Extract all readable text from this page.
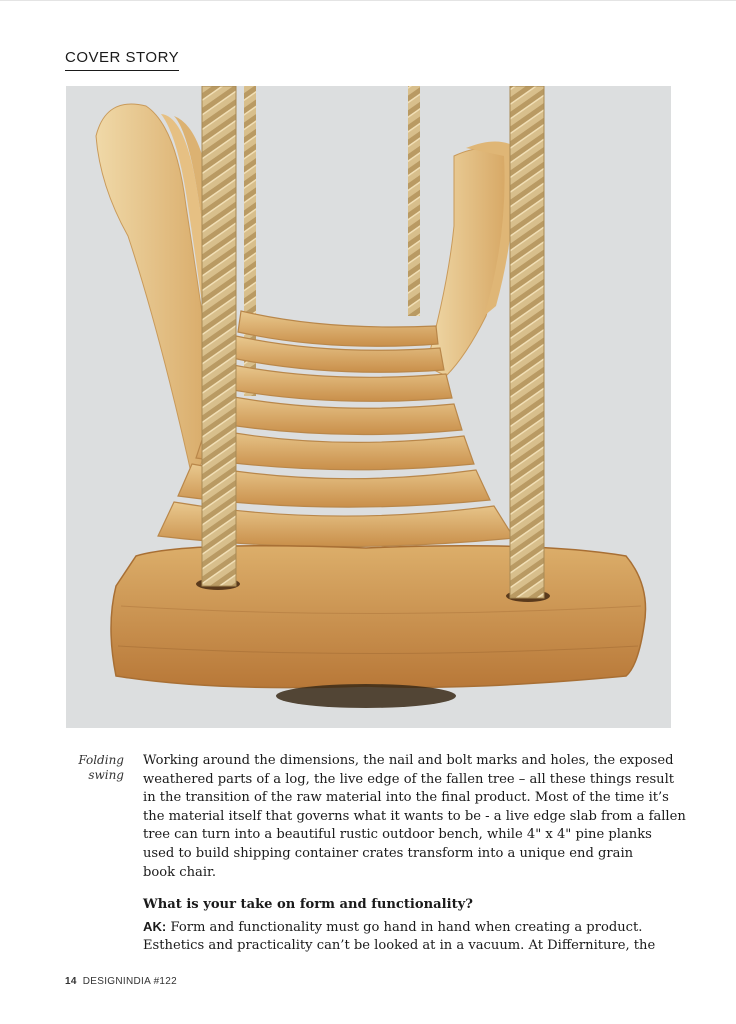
COVER STORY
Folding
swing

Working around the dimensions, the nail and bolt marks and holes, the exposed
weathered parts of a log, the live edge of the fallen tree – all these things result
in the transition of the raw material into the final product. Most of the time it’s
the material itself that governs what it wants to be - a live edge slab from a fallen
tree can turn into a beautiful rustic outdoor bench, while 4" x 4" pine planks
used to build shipping container crates transform into a unique end grain
book chair.

What is your take on form and functionality?

AK: Form and functionality must go hand in hand when creating a product.
Esthetics and practicality can’t be looked at in a vacuum. At Differniture, the

14 DESIGNINDIA #122
